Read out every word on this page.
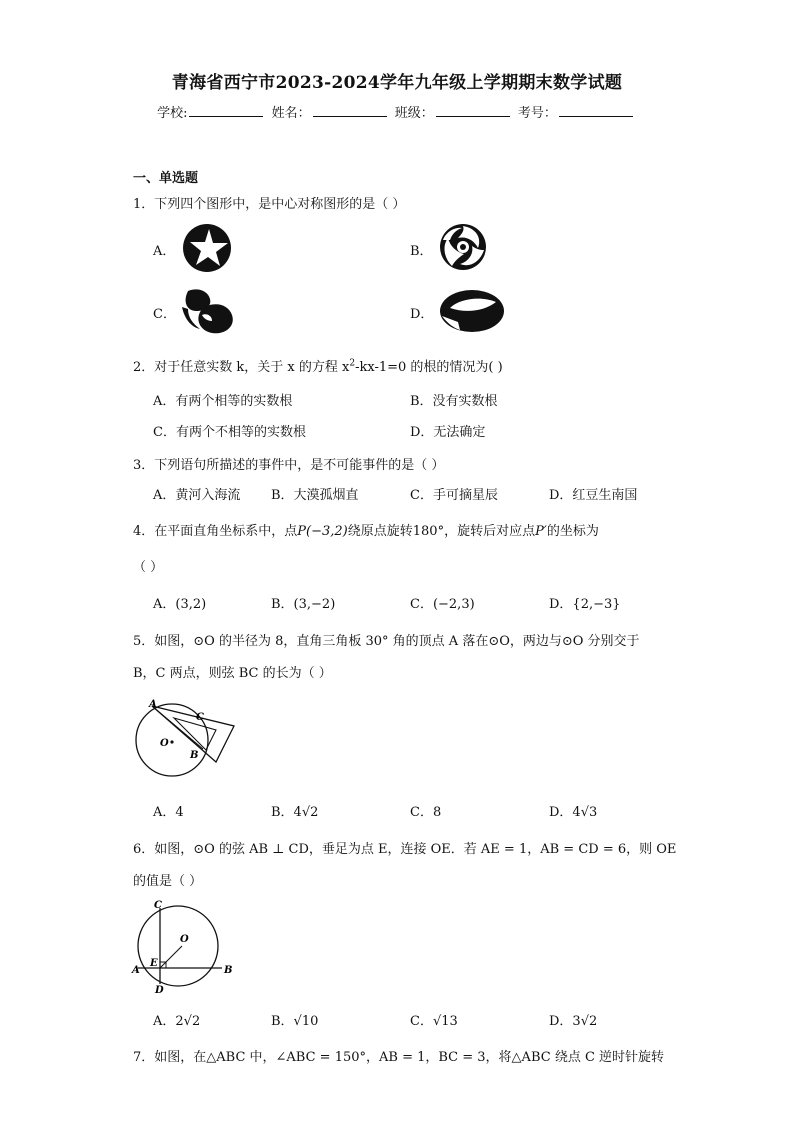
青海省西宁市2023-2024学年九年级上学期期末数学试题
学校:	姓名：	班级：	考号：
一、单选题
1．下列四个图形中，是中心对称图形的是（ ）
A．	B．
C．	D．
2．对于任意实数 k，关于 x 的方程 $x^2-kx-1=0$ 的根的情况为( )
A．有两个相等的实数根	B．没有实数根
C．有两个不相等的实数根	D．无法确定
3．下列语句所描述的事件中，是不可能事件的是（ ）
A．黄河入海流 B．大漠孤烟直	C．手可摘星辰	D．红豆生南国
4．在平面直角坐标系中，点P(−3,2)绕原点旋转180°，旋转后对应点P′的坐标为
（ ）
A．(3,2)	B．(3,−2)	C．(−2,3)	D．{2,−3}
5．如图，⊙O 的半径为 8，直角三角板 30° 角的顶点 A 落在⊙O，两边与⊙O 分别交于
B，C 两点，则弦 BC 的长为（ ）
A
C
B
O
A．4	B．4√2	C．8	D．4√3
6．如图，⊙O 的弦 AB ⊥ CD，垂足为点 E，连接 OE．若 AE = 1，AB = CD = 6，则 OE
的值是（ ）
C
O
E
A	B
D
A．2√2	B．√10	C．√13	D．3√2
7．如图，在△ABC 中，∠ABC = 150°，AB = 1，BC = 3，将△ABC 绕点 C 逆时针旋转
